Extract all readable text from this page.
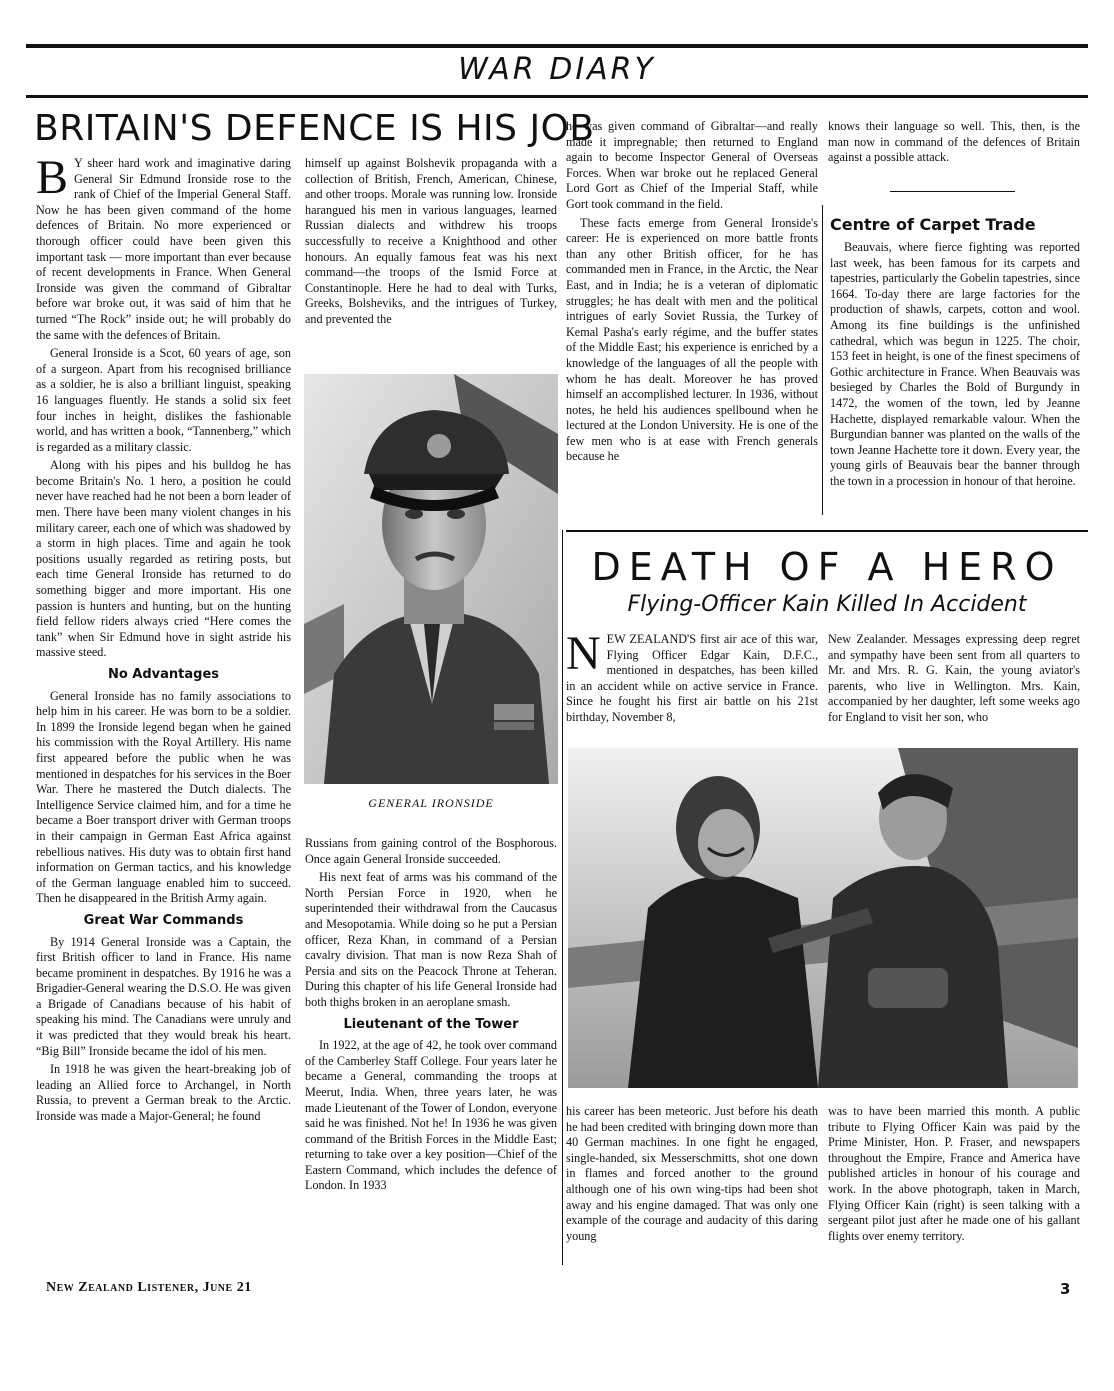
WAR DIARY
BRITAIN'S DEFENCE IS HIS JOB

B Y sheer hard work and imaginative daring General Sir Edmund Ironside rose to the rank of Chief of the Imperial General Staff. Now he has been given command of the home defences of Britain. No more experienced or thorough officer could have been given this important task — more important than ever because of recent developments in France. When General Ironside was given the command of Gibraltar before war broke out, it was said of him that he turned “The Rock” inside out; he will probably do the same with the defences of Britain.

General Ironside is a Scot, 60 years of age, son of a surgeon. Apart from his recognised brilliance as a soldier, he is also a brilliant linguist, speaking 16 languages fluently. He stands a solid six feet four inches in height, dislikes the fashionable world, and has written a book, “Tannenberg,” which is regarded as a military classic.

Along with his pipes and his bulldog he has become Britain's No. 1 hero, a position he could never have reached had he not been a born leader of men. There have been many violent changes in his military career, each one of which was shadowed by a storm in high places. Time and again he took positions usually regarded as retiring posts, but each time General Ironside has returned to do something bigger and more important. His one passion is hunters and hunting, but on the hunting field fellow riders always cried “Here comes the tank” when Sir Edmund hove in sight astride his massive steed.

No Advantages

General Ironside has no family associations to help him in his career. He was born to be a soldier. In 1899 the Ironside legend began when he gained his commission with the Royal Artillery. His name first appeared before the public when he was mentioned in despatches for his services in the Boer War. There he mastered the Dutch dialects. The Intelligence Service claimed him, and for a time he became a Boer transport driver with German troops in their campaign in German East Africa against rebellious natives. His duty was to obtain first hand information on German tactics, and his knowledge of the German language enabled him to succeed. Then he disappeared in the British Army again.

Great War Commands

By 1914 General Ironside was a Captain, the first British officer to land in France. His name became prominent in despatches. By 1916 he was a Brigadier-General wearing the D.S.O. He was given a Brigade of Canadians because of his habit of speaking his mind. The Canadians were unruly and it was predicted that they would break his heart. “Big Bill” Ironside became the idol of his men.

In 1918 he was given the heart-breaking job of leading an Allied force to Archangel, in North Russia, to prevent a German break to the Arctic. Ironside was made a Major-General; he found

himself up against Bolshevik propaganda with a collection of British, French, American, Chinese, and other troops. Morale was running low. Ironside harangued his men in various languages, learned Russian dialects and withdrew his troops successfully to receive a Knighthood and other honours. An equally famous feat was his next command—the troops of the Ismid Force at Constantinople. Here he had to deal with Turks, Greeks, Bolsheviks, and the intrigues of Turkey, and prevented the

GENERAL IRONSIDE

Russians from gaining control of the Bosphorous. Once again General Ironside succeeded.

His next feat of arms was his command of the North Persian Force in 1920, when he superintended their withdrawal from the Caucasus and Mesopotamia. While doing so he put a Persian officer, Reza Khan, in command of a Persian cavalry division. That man is now Reza Shah of Persia and sits on the Peacock Throne at Teheran. During this chapter of his life General Ironside had both thighs broken in an aeroplane smash.

Lieutenant of the Tower

In 1922, at the age of 42, he took over command of the Camberley Staff College. Four years later he became a General, commanding the troops at Meerut, India. When, three years later, he was made Lieutenant of the Tower of London, everyone said he was finished. Not he! In 1936 he was given command of the British Forces in the Middle East; returning to take over a key position—Chief of the Eastern Command, which includes the defence of London. In 1933

he was given command of Gibraltar—and really made it impregnable; then returned to England again to become Inspector General of Overseas Forces. When war broke out he replaced General Lord Gort as Chief of the Imperial Staff, while Gort took command in the field.

These facts emerge from General Ironside's career: He is experienced on more battle fronts than any other British officer, for he has commanded men in France, in the Arctic, the Near East, and in India; he is a veteran of diplomatic struggles; he has dealt with men and the political intrigues of early Soviet Russia, the Turkey of Kemal Pasha's early régime, and the buffer states of the Middle East; his experience is enriched by a knowledge of the languages of all the people with whom he has dealt. Moreover he has proved himself an accomplished lecturer. In 1936, without notes, he held his audiences spellbound when he lectured at the London University. He is one of the few men who is at ease with French generals because he

knows their language so well. This, then, is the man now in command of the defences of Britain against a possible attack.

Centre of Carpet Trade

Beauvais, where fierce fighting was reported last week, has been famous for its carpets and tapestries, particularly the Gobelin tapestries, since 1664. To-day there are large factories for the production of shawls, carpets, cotton and wool. Among its fine buildings is the unfinished cathedral, which was begun in 1225. The choir, 153 feet in height, is one of the finest specimens of Gothic architecture in France. When Beauvais was besieged by Charles the Bold of Burgundy in 1472, the women of the town, led by Jeanne Hachette, displayed remarkable valour. When the Burgundian banner was planted on the walls of the town Jeanne Hachette tore it down. Every year, the young girls of Beauvais bear the banner through the town in a procession in honour of that heroine.

DEATH OF A HERO
Flying-Officer Kain Killed In Accident

NEW ZEALAND'S first air ace of this war, Flying Officer Edgar Kain, D.F.C., mentioned in despatches, has been killed in an accident while on active service in France. Since he fought his first air battle on his 21st birthday, November 8,

New Zealander. Messages expressing deep regret and sympathy have been sent from all quarters to Mr. and Mrs. R. G. Kain, the young aviator's parents, who live in Wellington. Mrs. Kain, accompanied by her daughter, left some weeks ago for England to visit her son, who

his career has been meteoric. Just before his death he had been credited with bringing down more than 40 German machines. In one fight he engaged, single-handed, six Messerschmitts, shot one down in flames and forced another to the ground although one of his own wing-tips had been shot away and his engine damaged. That was only one example of the courage and audacity of this daring young

was to have been married this month. A public tribute to Flying Officer Kain was paid by the Prime Minister, Hon. P. Fraser, and newspapers throughout the Empire, France and America have published articles in honour of his courage and work. In the above photograph, taken in March, Flying Officer Kain (right) is seen talking with a sergeant pilot just after he made one of his gallant flights over enemy territory.

New Zealand Listener, June 21	3
